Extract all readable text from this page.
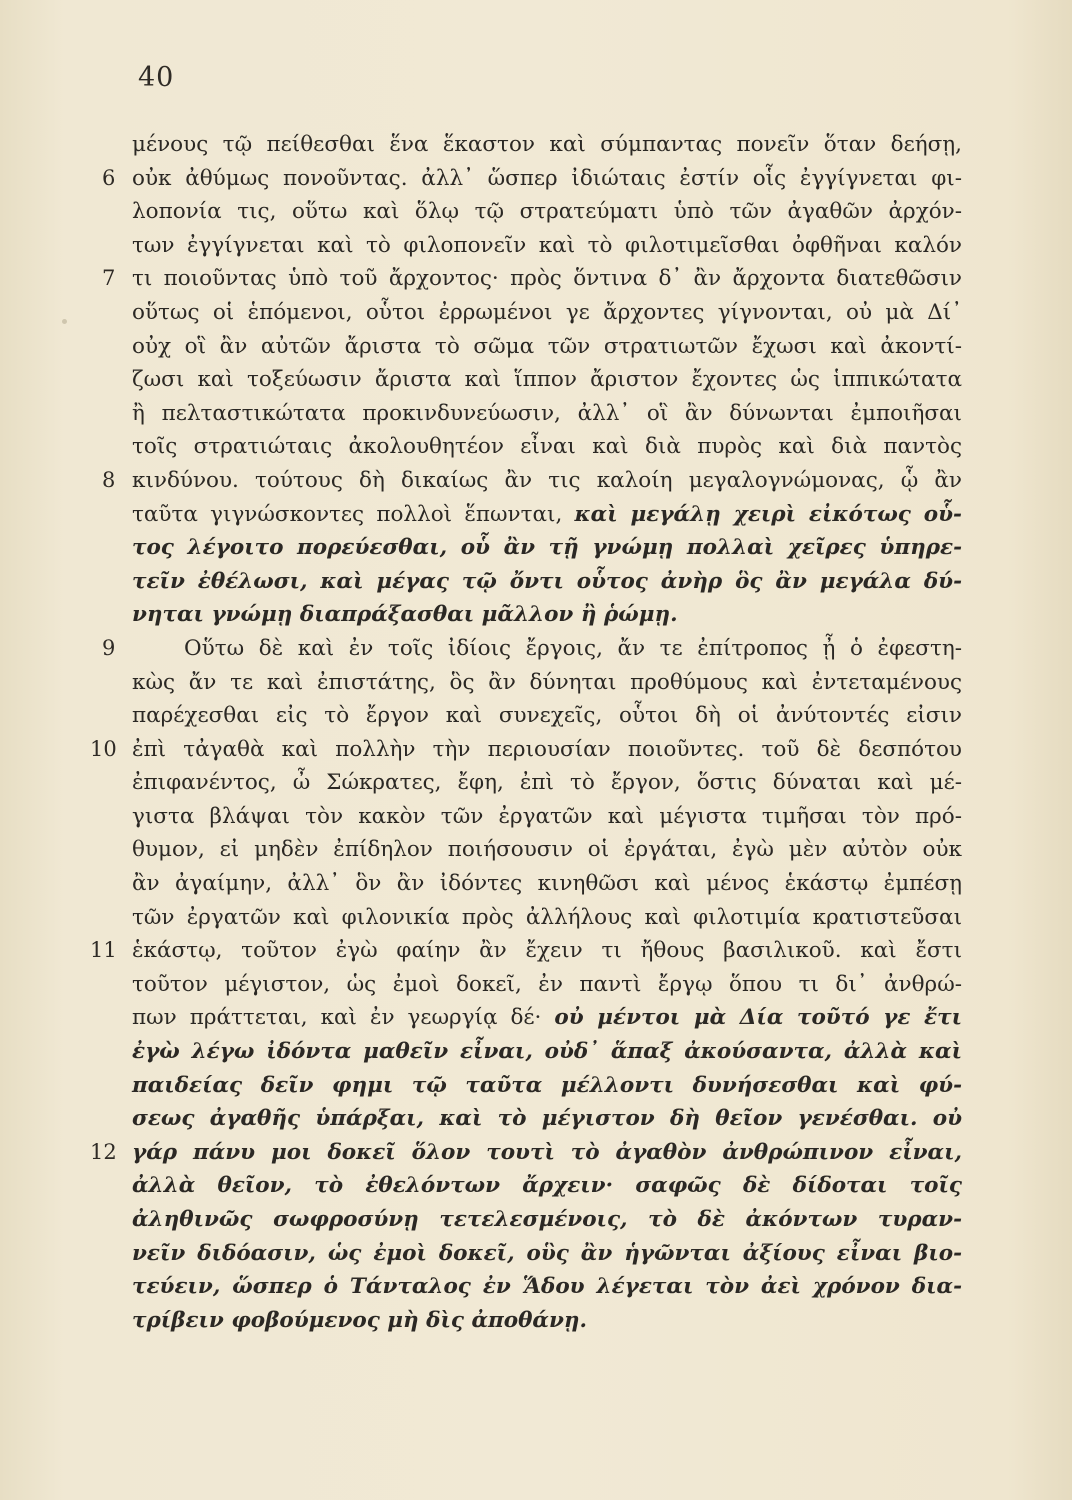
40
μένους τῷ πείθεσθαι ἕνα ἕκαστον καὶ σύμπαντας πονεῖν ὅταν δεήσῃ,
6 οὐκ ἀθύμως πονοῦντας. ἀλλ᾿ ὥσπερ ἰδιώταις ἐστίν οἷς ἐγγίγνεται φι-
λοπονία τις, οὕτω καὶ ὅλῳ τῷ στρατεύματι ὑπὸ τῶν ἀγαθῶν ἀρχόν-
των ἐγγίγνεται καὶ τὸ φιλοπονεῖν καὶ τὸ φιλοτιμεῖσθαι ὀφθῆναι καλόν
7 τι ποιοῦντας ὑπὸ τοῦ ἄρχοντος· πρὸς ὅντινα δ᾿ ἂν ἄρχοντα διατεθῶσιν
οὕτως οἱ ἑπόμενοι, οὗτοι ἐρρωμένοι γε ἄρχοντες γίγνονται, οὐ μὰ Δί᾿
οὐχ οἳ ἂν αὐτῶν ἄριστα τὸ σῶμα τῶν στρατιωτῶν ἔχωσι καὶ ἀκοντί-
ζωσι καὶ τοξεύωσιν ἄριστα καὶ ἵππον ἄριστον ἔχοντες ὡς ἱππικώτατα
ἢ πελταστικώτατα προκινδυνεύωσιν, ἀλλ᾿ οἳ ἂν δύνωνται ἐμποιῆσαι
τοῖς στρατιώταις ἀκολουθητέον εἶναι καὶ διὰ πυρὸς καὶ διὰ παντὸς
8 κινδύνου. τούτους δὴ δικαίως ἂν τις καλοίη μεγαλογνώμονας, ᾧ ἂν
ταῦτα γιγνώσκοντες πολλοὶ ἕπωνται, καὶ μεγάλῃ χειρὶ εἰκότως οὗ-
τος λέγοιτο πορεύεσθαι, οὗ ἂν τῇ γνώμῃ πολλαὶ χεῖρες ὑπηρε-
τεῖν ἐθέλωσι, καὶ μέγας τῷ ὄντι οὗτος ἀνὴρ ὃς ἂν μεγάλα δύ-
νηται γνώμῃ διαπράξασθαι μᾶλλον ἢ ῥώμῃ.
9	Οὕτω δὲ καὶ ἐν τοῖς ἰδίοις ἔργοις, ἄν τε ἐπίτροπος ᾖ ὁ ἐφεστη-
κὼς ἄν τε καὶ ἐπιστάτης, ὃς ἂν δύνηται προθύμους καὶ ἐντεταμένους
παρέχεσθαι εἰς τὸ ἔργον καὶ συνεχεῖς, οὗτοι δὴ οἱ ἀνύτοντές εἰσιν
10 ἐπὶ τἀγαθὰ καὶ πολλὴν τὴν περιουσίαν ποιοῦντες. τοῦ δὲ δεσπότου
ἐπιφανέντος, ὦ Σώκρατες, ἔφη, ἐπὶ τὸ ἔργον, ὅστις δύναται καὶ μέ-
γιστα βλάψαι τὸν κακὸν τῶν ἐργατῶν καὶ μέγιστα τιμῆσαι τὸν πρό-
θυμον, εἰ μηδὲν ἐπίδηλον ποιήσουσιν οἱ ἐργάται, ἐγὼ μὲν αὐτὸν οὐκ
ἂν ἀγαίμην, ἀλλ᾿ ὃν ἂν ἰδόντες κινηθῶσι καὶ μένος ἑκάστῳ ἐμπέσῃ
τῶν ἐργατῶν καὶ φιλονικία πρὸς ἀλλήλους καὶ φιλοτιμία κρατιστεῦσαι
11 ἑκάστῳ, τοῦτον ἐγὼ φαίην ἂν ἔχειν τι ἤθους βασιλικοῦ. καὶ ἔστι
τοῦτον μέγιστον, ὡς ἐμοὶ δοκεῖ, ἐν παντὶ ἔργῳ ὅπου τι δι᾿ ἀνθρώ-
πων πράττεται, καὶ ἐν γεωργίᾳ δέ· οὐ μέντοι μὰ Δία τοῦτό γε ἔτι
ἐγὼ λέγω ἰδόντα μαθεῖν εἶναι, οὐδ᾿ ἅπαξ ἀκούσαντα, ἀλλὰ καὶ
παιδείας δεῖν φημι τῷ ταῦτα μέλλοντι δυνήσεσθαι καὶ φύ-
σεως ἀγαθῆς ὑπάρξαι, καὶ τὸ μέγιστον δὴ θεῖον γενέσθαι. οὐ
12 γάρ πάνυ μοι δοκεῖ ὅλον τουτὶ τὸ ἀγαθὸν ἀνθρώπινον εἶναι,
ἀλλὰ θεῖον, τὸ ἐθελόντων ἄρχειν· σαφῶς δὲ δίδοται τοῖς
ἀληθινῶς σωφροσύνῃ τετελεσμένοις, τὸ δὲ ἀκόντων τυραν-
νεῖν διδόασιν, ὡς ἐμοὶ δοκεῖ, οὓς ἂν ἡγῶνται ἀξίους εἶναι βιο-
τεύειν, ὥσπερ ὁ Τάνταλος ἐν Ἅδου λέγεται τὸν ἀεὶ χρόνον δια-
τρίβειν φοβούμενος μὴ δὶς ἀποθάνῃ.
